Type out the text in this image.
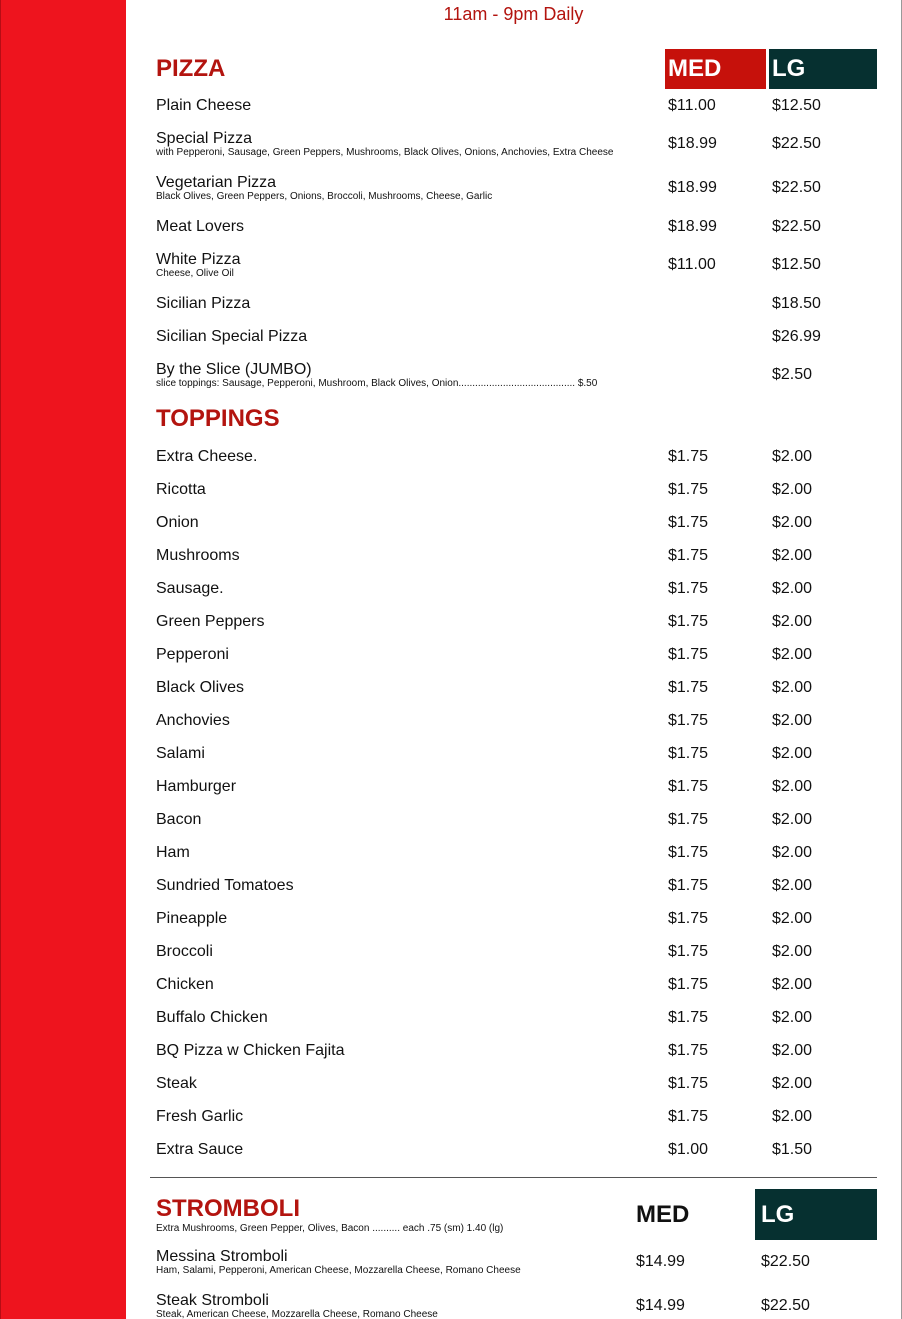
11am - 9pm Daily
PIZZA	MED	LG

Plain Cheese	$11.00	$12.50

Special Pizza
with Pepperoni, Sausage, Green Peppers, Mushrooms, Black Olives, Onions, Anchovies, Extra Cheese	$18.99	$22.50

Vegetarian Pizza
Black Olives, Green Peppers, Onions, Broccoli, Mushrooms, Cheese, Garlic	$18.99	$22.50

Meat Lovers	$18.99	$22.50

White Pizza
Cheese, Olive Oil	$11.00	$12.50

Sicilian Pizza		$18.50

Sicilian Special Pizza		$26.99

By the Slice (JUMBO)
slice toppings: Sausage, Pepperoni, Mushroom, Black Olives, Onion.......................................... $.50		$2.50
TOPPINGS		

Extra Cheese.	$1.75	$2.00

Ricotta	$1.75	$2.00

Onion	$1.75	$2.00

Mushrooms	$1.75	$2.00

Sausage.	$1.75	$2.00

Green Peppers	$1.75	$2.00

Pepperoni	$1.75	$2.00

Black Olives	$1.75	$2.00

Anchovies	$1.75	$2.00

Salami	$1.75	$2.00

Hamburger	$1.75	$2.00

Bacon	$1.75	$2.00

Ham	$1.75	$2.00

Sundried Tomatoes	$1.75	$2.00

Pineapple	$1.75	$2.00

Broccoli	$1.75	$2.00

Chicken	$1.75	$2.00

Buffalo Chicken	$1.75	$2.00

BQ Pizza w Chicken Fajita	$1.75	$2.00

Steak	$1.75	$2.00

Fresh Garlic	$1.75	$2.00

Extra Sauce	$1.00	$1.50
STROMBOLI
Extra Mushrooms, Green Pepper, Olives, Bacon .......... each .75 (sm) 1.40 (lg)	MED	LG

Messina Stromboli
Ham, Salami, Pepperoni, American Cheese, Mozzarella Cheese, Romano Cheese	$14.99	$22.50

Steak Stromboli
Steak, American Cheese, Mozzarella Cheese, Romano Cheese	$14.99	$22.50
